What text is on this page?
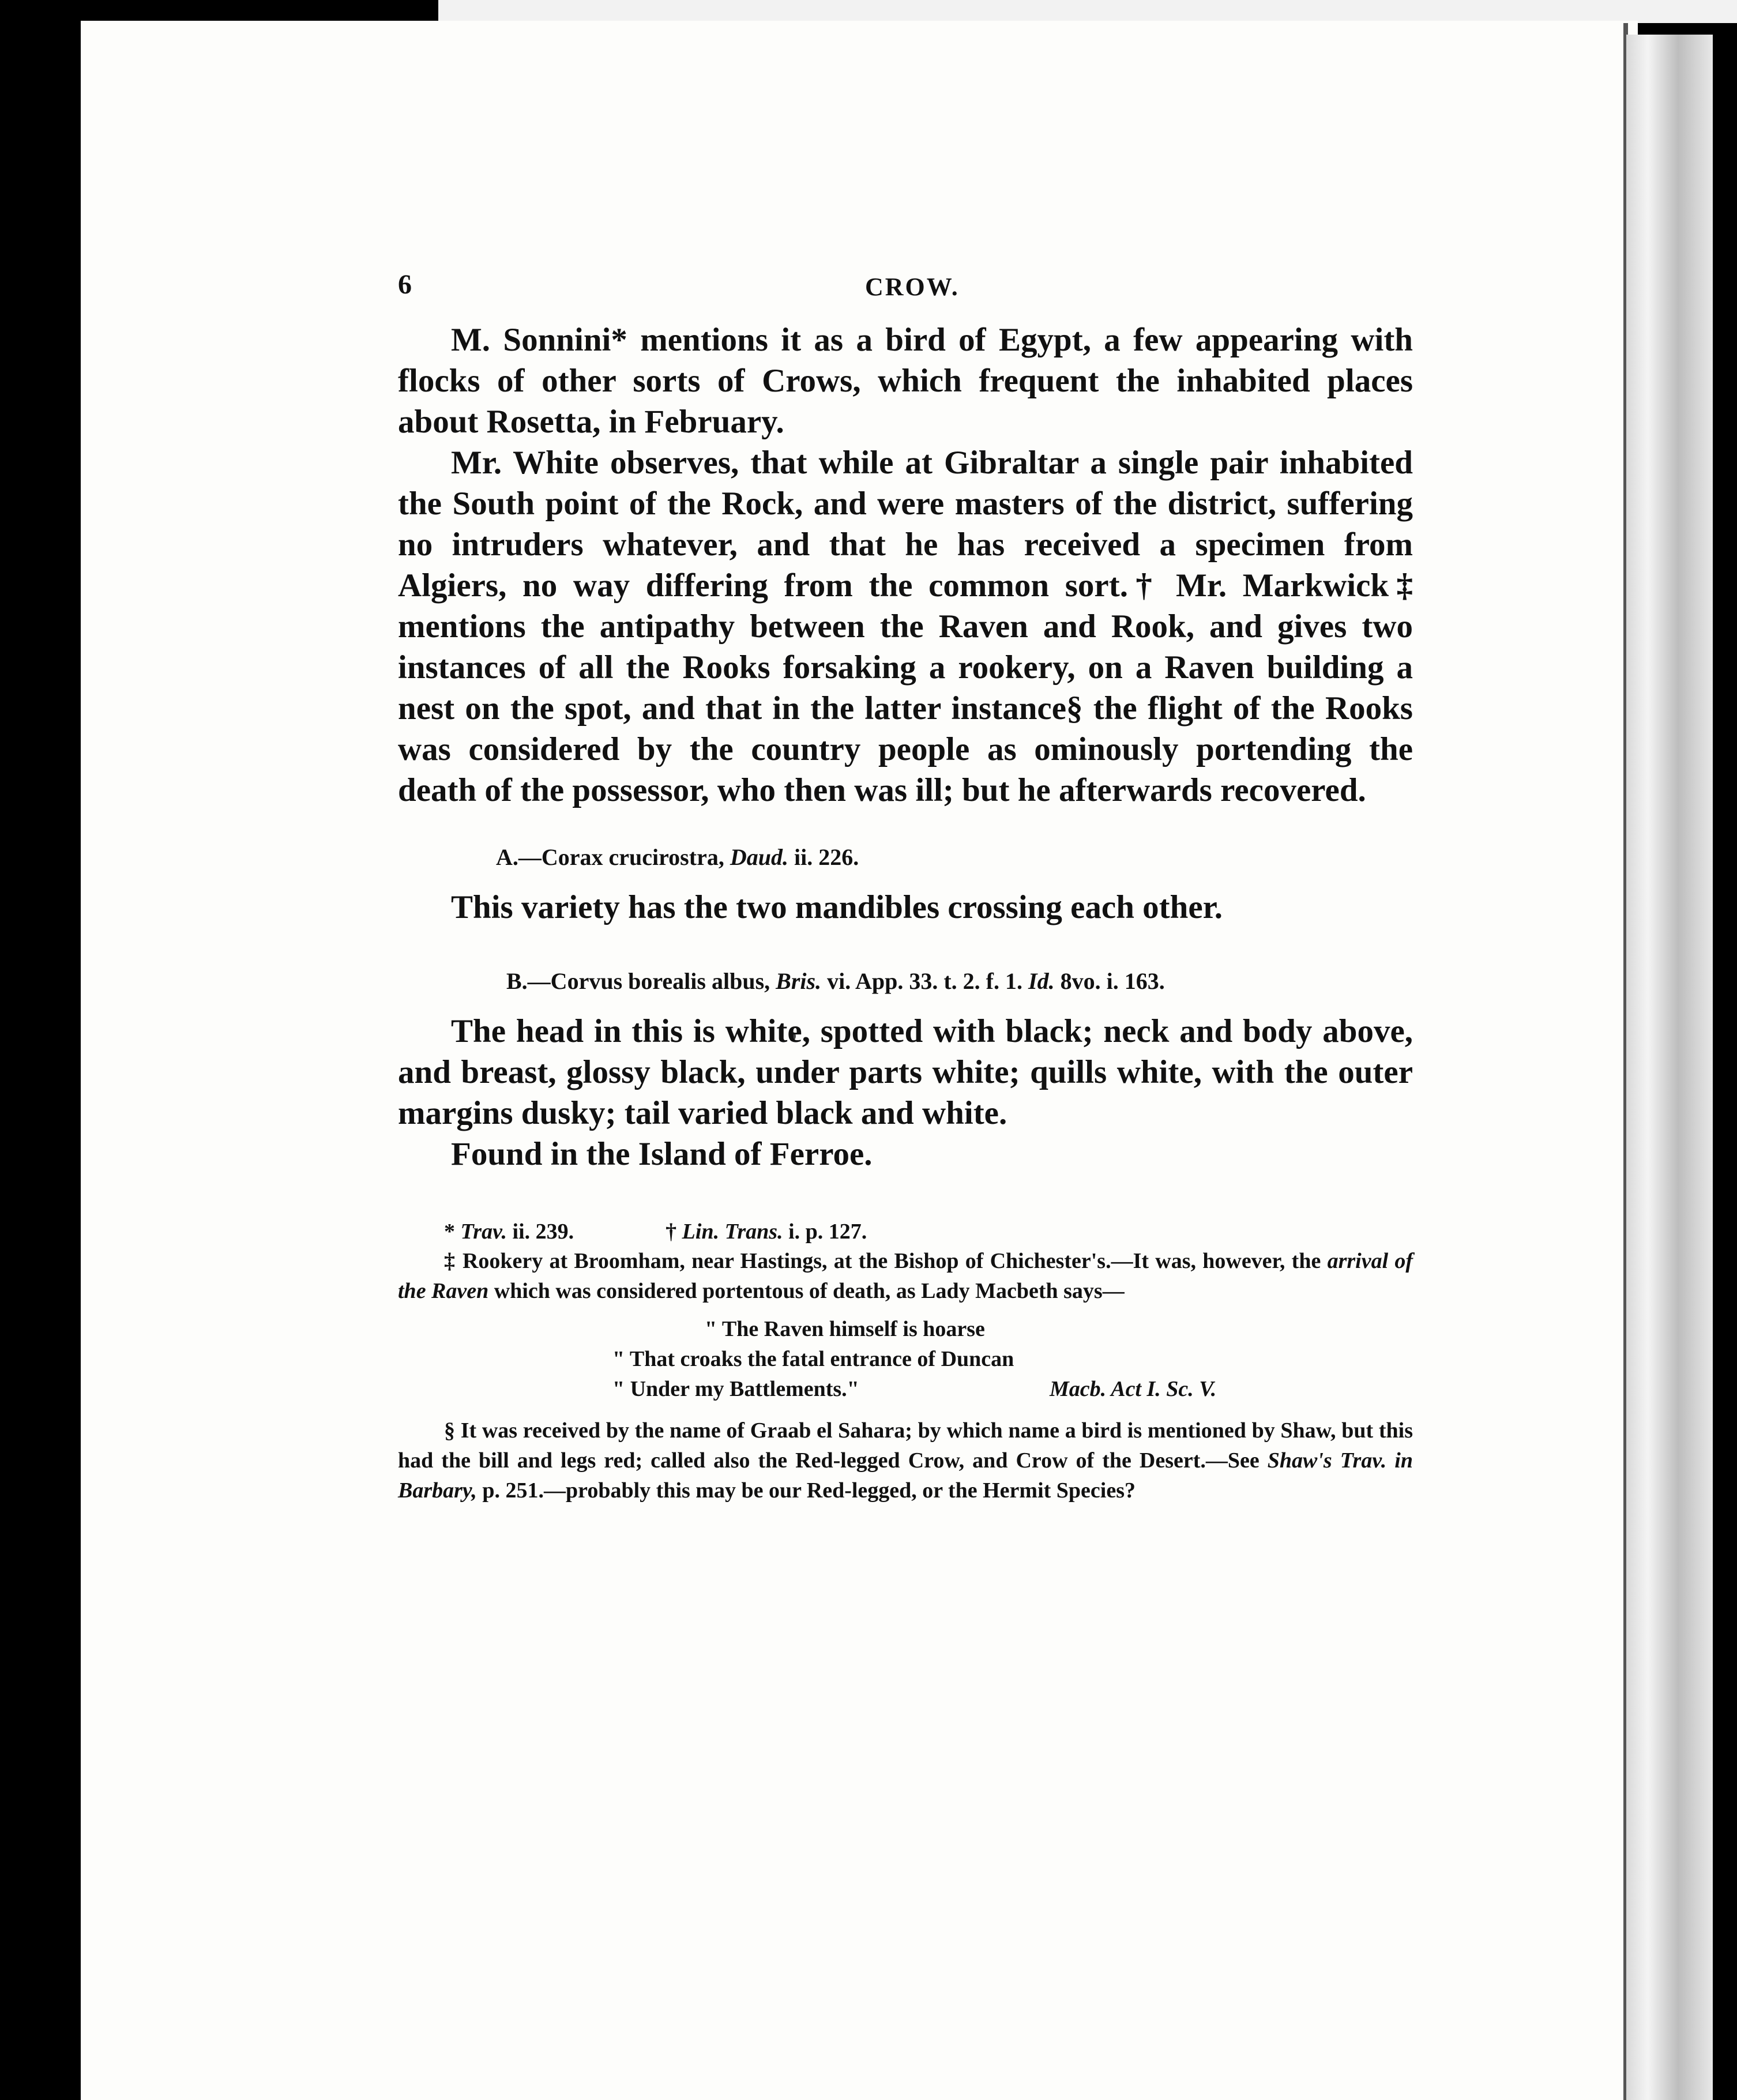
6	CROW.

M. Sonnini* mentions it as a bird of Egypt, a few appearing with flocks of other sorts of Crows, which frequent the inhabited places about Rosetta, in February.

Mr. White observes, that while at Gibraltar a single pair inhabited the South point of the Rock, and were masters of the district, suffering no intruders whatever, and that he has received a specimen from Algiers, no way differing from the common sort.† Mr. Markwick‡ mentions the antipathy between the Raven and Rook, and gives two instances of all the Rooks forsaking a rookery, on a Raven building a nest on the spot, and that in the latter instance§ the flight of the Rooks was considered by the country people as ominously portending the death of the possessor, who then was ill; but he afterwards recovered.

A.—Corax crucirostra, Daud. ii. 226.

This variety has the two mandibles crossing each other.

B.—Corvus borealis albus, Bris. vi. App. 33. t. 2. f. 1. Id. 8vo. i. 163.

The head in this is white, spotted with black; neck and body above, and breast, glossy black, under parts white; quills white, with the outer margins dusky; tail varied black and white.

Found in the Island of Ferroe.

* Trav. ii. 239.	† Lin. Trans. i. p. 127.

‡ Rookery at Broomham, near Hastings, at the Bishop of Chichester's.—It was, however, the arrival of the Raven which was considered portentous of death, as Lady Macbeth says—

" The Raven himself is hoarse
" That croaks the fatal entrance of Duncan
" Under my Battlements."	Macb. Act I. Sc. V.

§ It was received by the name of Graab el Sahara; by which name a bird is mentioned by Shaw, but this had the bill and legs red; called also the Red-legged Crow, and Crow of the Desert.—See Shaw's Trav. in Barbary, p. 251.—probably this may be our Red-legged, or the Hermit Species?
